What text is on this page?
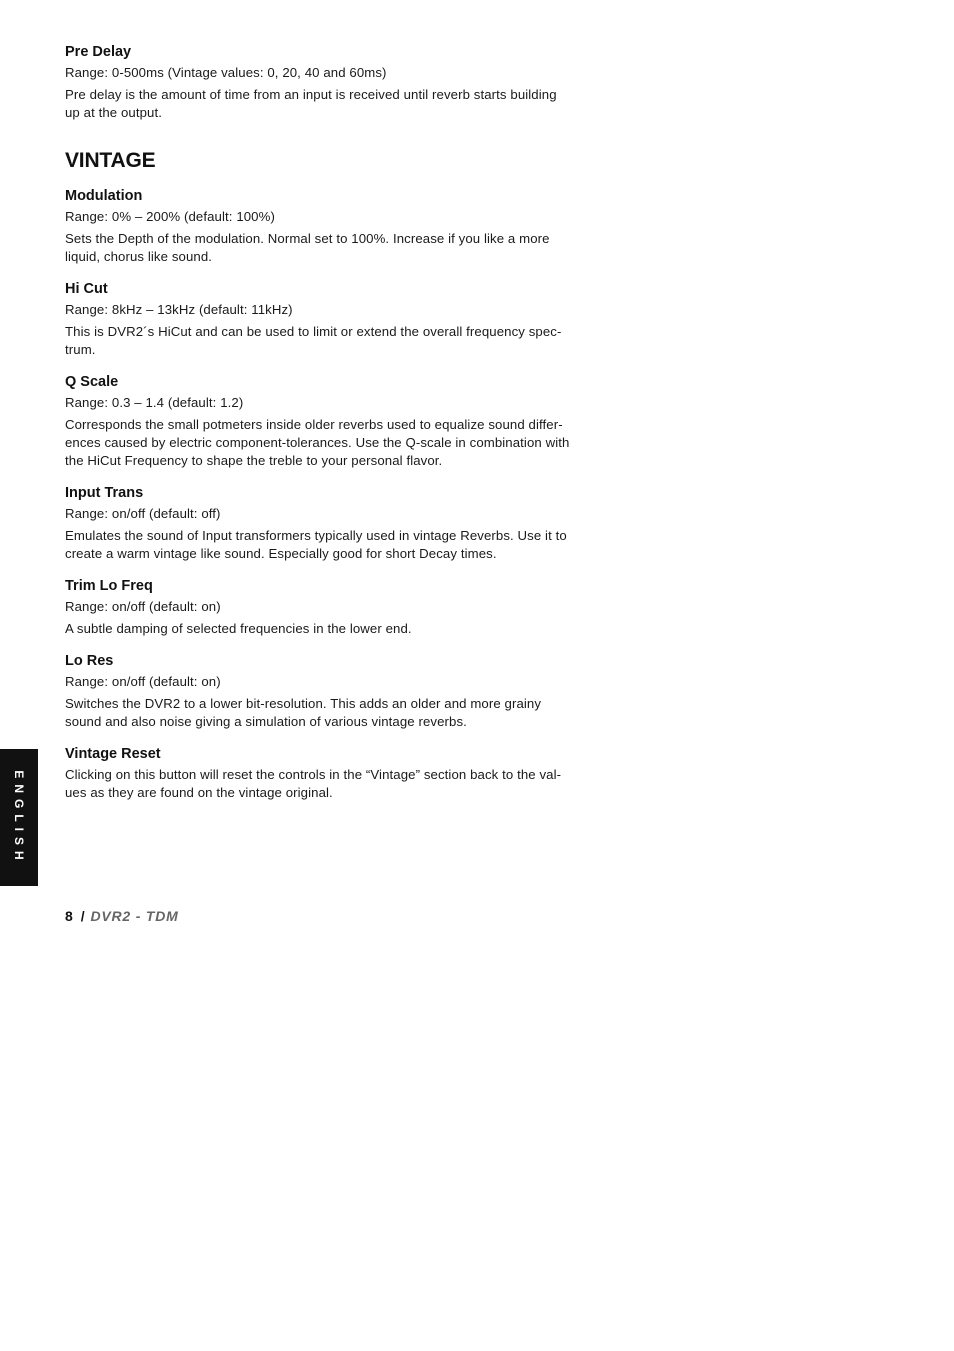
Pre Delay
Range: 0-500ms (Vintage values: 0, 20, 40 and 60ms)
Pre delay is the amount of time from an input is received until reverb starts building
up at the output.
VINTAGE
Modulation
Range: 0% – 200% (default: 100%)
Sets the Depth of the modulation. Normal set to 100%. Increase if you like a more
liquid, chorus like sound.
Hi Cut
Range: 8kHz – 13kHz (default: 11kHz)
This is DVR2´s HiCut and can be used to limit or extend the overall frequency spec-
trum.
Q Scale
Range: 0.3 – 1.4 (default: 1.2)
Corresponds the small potmeters inside older reverbs used to equalize sound differ-
ences caused by electric component-tolerances. Use the Q-scale in combination with
the HiCut Frequency to shape the treble to your personal flavor.
Input Trans
Range: on/off (default: off)
Emulates the sound of Input transformers typically used in vintage Reverbs. Use it to
create a warm vintage like sound. Especially good for short Decay times.
Trim Lo Freq
Range: on/off (default: on)
A subtle damping of selected frequencies in the lower end.
Lo Res
Range: on/off (default: on)
Switches the DVR2 to a lower bit-resolution. This adds an older and more grainy
sound and also noise giving a simulation of various vintage reverbs.
Vintage Reset
Clicking on this button will reset the controls in the “Vintage” section back to the val-
ues as they are found on the vintage original.
ENGLISH
8 / DVR2 - TDM
